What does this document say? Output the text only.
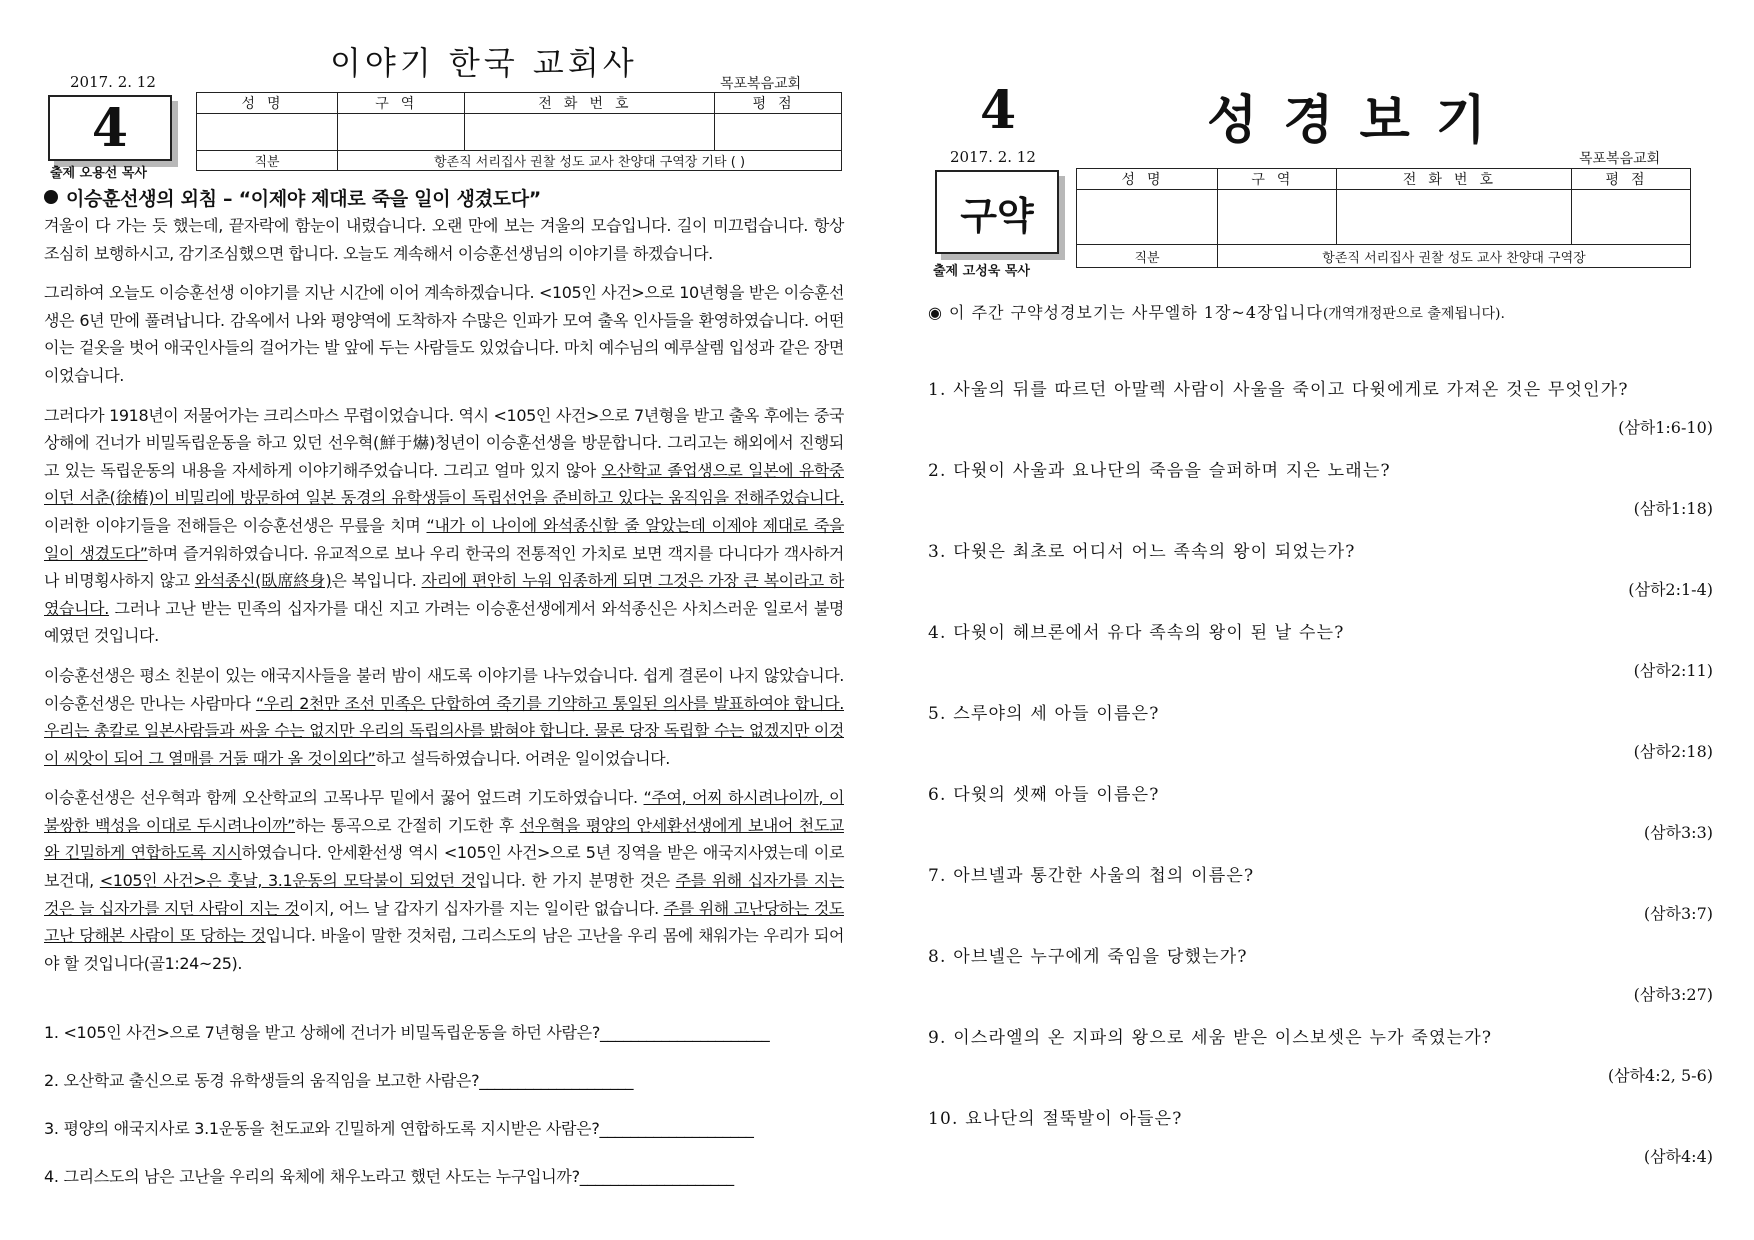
이야기 한국 교회사
2017. 2. 12	목포복음교회
4
출제 오용선 목사
성명	구역	전화번호	평점

직분	항존직 서리집사 권찰 성도 교사 찬양대 구역장 기타 ( )		
이승훈선생의 외침 – “이제야 제대로 죽을 일이 생겼도다”

겨울이 다 가는 듯 했는데, 끝자락에 함눈이 내렸습니다. 오랜 만에 보는 겨울의 모습입니다. 길이 미끄럽습니다. 항상 조심히 보행하시고, 감기조심했으면 합니다. 오늘도 계속해서 이승훈선생님의 이야기를 하겠습니다.

그리하여 오늘도 이승훈선생 이야기를 지난 시간에 이어 계속하겠습니다. <105인 사건>으로 10년형을 받은 이승훈선생은 6년 만에 풀려납니다. 감옥에서 나와 평양역에 도착하자 수많은 인파가 모여 출옥 인사들을 환영하였습니다. 어떤 이는 겉옷을 벗어 애국인사들의 걸어가는 발 앞에 두는 사람들도 있었습니다. 마치 예수님의 예루살렘 입성과 같은 장면이었습니다.

그러다가 1918년이 저물어가는 크리스마스 무렵이었습니다. 역시 <105인 사건>으로 7년형을 받고 출옥 후에는 중국 상해에 건너가 비밀독립운동을 하고 있던 선우혁(鮮于爀)청년이 이승훈선생을 방문합니다. 그리고는 해외에서 진행되고 있는 독립운동의 내용을 자세하게 이야기해주었습니다. 그리고 얼마 있지 않아 오산학교 졸업생으로 일본에 유학중이던 서춘(徐椿)이 비밀리에 방문하여 일본 동경의 유학생들이 독립선언을 준비하고 있다는 움직임을 전해주었습니다. 이러한 이야기들을 전해들은 이승훈선생은 무릎을 치며 “내가 이 나이에 와석종신할 줄 알았는데 이제야 제대로 죽을 일이 생겼도다”하며 즐거워하였습니다. 유교적으로 보나 우리 한국의 전통적인 가치로 보면 객지를 다니다가 객사하거나 비명횡사하지 않고 와석종신(臥席終身)은 복입니다. 자리에 편안히 누워 임종하게 되면 그것은 가장 큰 복이라고 하였습니다. 그러나 고난 받는 민족의 십자가를 대신 지고 가려는 이승훈선생에게서 와석종신은 사치스러운 일로서 불명예였던 것입니다.

이승훈선생은 평소 친분이 있는 애국지사들을 불러 밤이 새도록 이야기를 나누었습니다. 쉽게 결론이 나지 않았습니다. 이승훈선생은 만나는 사람마다 “우리 2천만 조선 민족은 단합하여 죽기를 기약하고 통일된 의사를 발표하여야 합니다. 우리는 총칼로 일본사람들과 싸울 수는 없지만 우리의 독립의사를 밝혀야 합니다. 물론 당장 독립할 수는 없겠지만 이것이 씨앗이 되어 그 열매를 거둘 때가 올 것이외다”하고 설득하였습니다. 어려운 일이었습니다.

이승훈선생은 선우혁과 함께 오산학교의 고목나무 밑에서 꿇어 엎드려 기도하였습니다. “주여, 어찌 하시려나이까, 이 불쌍한 백성을 이대로 두시려나이까”하는 통곡으로 간절히 기도한 후 선우혁을 평양의 안세환선생에게 보내어 천도교와 긴밀하게 연합하도록 지시하였습니다. 안세환선생 역시 <105인 사건>으로 5년 징역을 받은 애국지사였는데 이로 보건대, <105인 사건>은 훗날, 3.1운동의 모닥불이 되었던 것입니다. 한 가지 분명한 것은 주를 위해 십자가를 지는 것은 늘 십자가를 지던 사람이 지는 것이지, 어느 날 갑자기 십자가를 지는 일이란 없습니다. 주를 위해 고난당하는 것도 고난 당해본 사람이 또 당하는 것입니다. 바울이 말한 것처럼, 그리스도의 남은 고난을 우리 몸에 채워가는 우리가 되어야 할 것입니다(골1:24~25).

1. <105인 사건>으로 7년형을 받고 상해에 건너가 비밀독립운동을 하던 사람은?______________________
2. 오산학교 출신으로 동경 유학생들의 움직임을 보고한 사람은?____________________
3. 평양의 애국지사로 3.1운동을 천도교와 긴밀하게 연합하도록 지시받은 사람은?____________________
4. 그리스도의 남은 고난을 우리의 육체에 채우노라고 했던 사도는 누구입니까?____________________
4	성경보기
2017. 2. 12	목포복음교회
구약
출제 고성욱 목사
성명	구역	전화번호	평점

직분	항존직 서리집사 권찰 성도 교사 찬양대 구역장		
◉ 이 주간 구약성경보기는 사무엘하 1장~4장입니다(개역개정판으로 출제됩니다).
1. 사울의 뒤를 따르던 아말렉 사람이 사울을 죽이고 다윗에게로 가져온 것은 무엇인가?
(삼하1:6-10)
2. 다윗이 사울과 요나단의 죽음을 슬퍼하며 지은 노래는?
(삼하1:18)
3. 다윗은 최초로 어디서 어느 족속의 왕이 되었는가?
(삼하2:1-4)
4. 다윗이 헤브론에서 유다 족속의 왕이 된 날 수는?
(삼하2:11)
5. 스루야의 세 아들 이름은?
(삼하2:18)
6. 다윗의 셋째 아들 이름은?
(삼하3:3)
7. 아브넬과 통간한 사울의 첩의 이름은?
(삼하3:7)
8. 아브넬은 누구에게 죽임을 당했는가?
(삼하3:27)
9. 이스라엘의 온 지파의 왕으로 세움 받은 이스보셋은 누가 죽였는가?
(삼하4:2, 5-6)
10. 요나단의 절뚝발이 아들은?
(삼하4:4)
